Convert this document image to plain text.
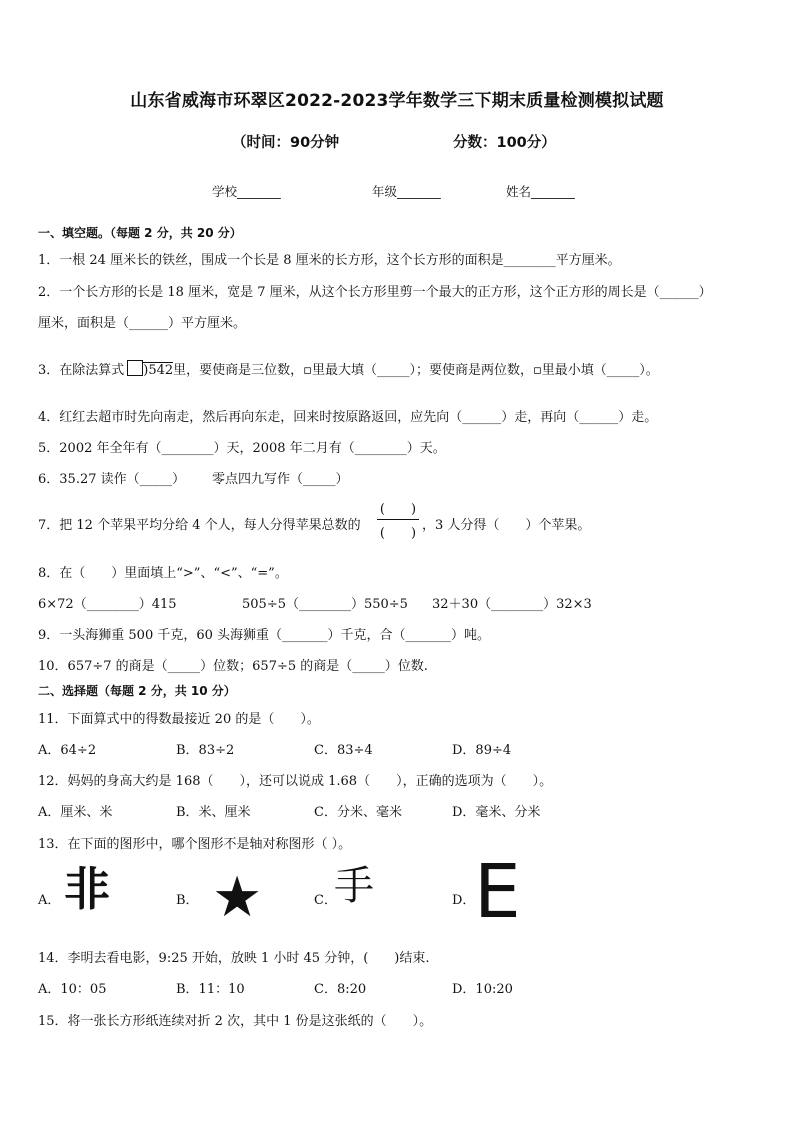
山东省威海市环翠区2022-2023学年数学三下期末质量检测模拟试题
（时间：90分钟	分数：100分）
学校_______	年级_______	姓名_______
一、填空题。（每题 2 分，共 20 分）
1．一根 24 厘米长的铁丝，围成一个长是 8 厘米的长方形，这个长方形的面积是________平方厘米。
2．一个长方形的长是 18 厘米，宽是 7 厘米，从这个长方形里剪一个最大的正方形，这个正方形的周长是（______）
厘米，面积是（______）平方厘米。
3．在除法算式 )542里，要使商是三位数，▫里最大填（_____）；要使商是两位数，▫里最小填（_____）。
4．红红去超市时先向南走，然后再向东走，回来时按原路返回，应先向（______）走，再向（______）走。
5．2002 年全年有（________）天，2008 年二月有（________）天。
6．35.27 读作（_____） 零点四九写作（_____）
7．把 12 个苹果平均分给 4 个人，每人分得苹果总数的
(　　)
(　　)
，3 人分得（　　）个苹果。
8．在（　　）里面填上“>”、“<”、“=”。
6×72（________）415	505÷5（________）550÷5 32＋30（________）32×3
9．一头海狮重 500 千克，60 头海狮重（_______）千克，合（_______）吨。
10．657÷7 的商是（_____）位数；657÷5 的商是（_____）位数.
二、选择题（每题 2 分，共 10 分）
11．下面算式中的得数最接近 20 的是（　　）。
A．64÷2	B．83÷2	C．83÷4	D．89÷4
12．妈妈的身高大约是 168（　　），还可以说成 1.68（　　），正确的选项为（　　）。
A．厘米、米	B．米、厘米	C．分米、毫米	D．毫米、分米
13．在下面的图形中，哪个图形不是轴对称图形（ ）。
A． 非	B． ★	C．
手	D．
E
14．李明去看电影，9:25 开始，放映 1 小时 45 分钟，(　　)结束.
A．10：05	B．11：10	C．8:20	D．10:20
15．将一张长方形纸连续对折 2 次，其中 1 份是这张纸的（　　）。
